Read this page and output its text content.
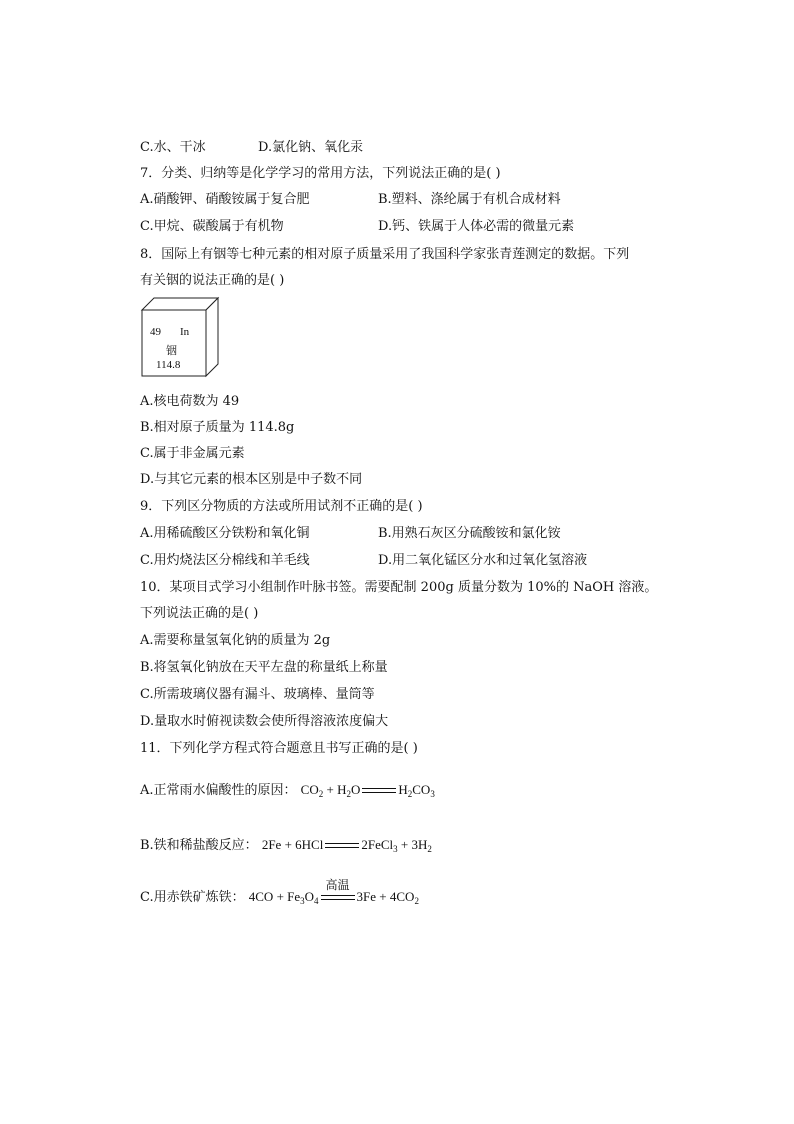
C.水、干冰	D.氯化钠、氧化汞
7．分类、归纳等是化学学习的常用方法，下列说法正确的是( )
A.硝酸钾、硝酸铵属于复合肥	B.塑料、涤纶属于有机合成材料
C.甲烷、碳酸属于有机物	D.钙、铁属于人体必需的微量元素
8．国际上有铟等七种元素的相对原子质量采用了我国科学家张青莲测定的数据。下列
有关铟的说法正确的是( )
49 In
铟
114.8
A.核电荷数为 49
B.相对原子质量为 114.8g
C.属于非金属元素
D.与其它元素的根本区别是中子数不同
9．下列区分物质的方法或所用试剂不正确的是( )
A.用稀硫酸区分铁粉和氧化铜	B.用熟石灰区分硫酸铵和氯化铵
C.用灼烧法区分棉线和羊毛线	D.用二氧化锰区分水和过氧化氢溶液
10．某项目式学习小组制作叶脉书签。需要配制 200g 质量分数为 10%的 NaOH 溶液。
下列说法正确的是( )
A.需要称量氢氧化钠的质量为 2g
B.将氢氧化钠放在天平左盘的称量纸上称量
C.所需玻璃仪器有漏斗、玻璃棒、量筒等
D.量取水时俯视读数会使所得溶液浓度偏大
11．下列化学方程式符合题意且书写正确的是( )
A.正常雨水偏酸性的原因： $CO_2 + H_2O$	$H_2CO_3$
B.铁和稀盐酸反应： 2Fe + 6HCl	2FeCl$_3$ + $3H_2$
C.用赤铁矿炼铁： $4CO + Fe_3O_4$
高温
$3Fe + 4CO_2$
